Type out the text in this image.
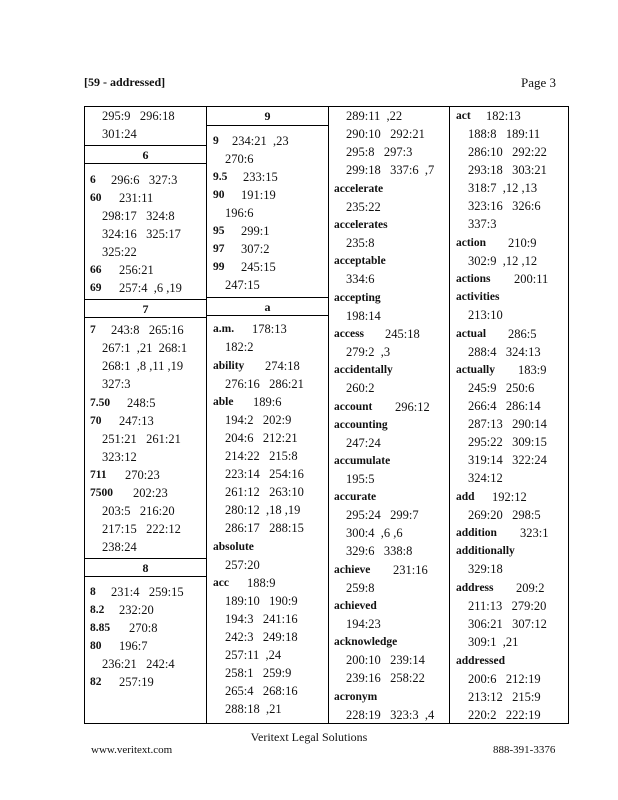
[59 - addressed]	Page 3
295:9   296:18
301:24
6
6 296:6   327:3
60 231:11
298:17   324:8
324:16   325:17
325:22
66 256:21
69 257:4  ,6 ,19
7
7 243:8   265:16
267:1  ,21  268:1
268:1  ,8 ,11 ,19
327:3
7.50 248:5
70 247:13
251:21   261:21
323:12
711 270:23
7500 202:23
203:5   216:20
217:15   222:12
238:24
8
8 231:4   259:15
8.2 232:20
8.85 270:8
80 196:7
236:21   242:4
82 257:19
9
9 234:21  ,23
270:6
9.5 233:15
90 191:19
196:6
95 299:1
97 307:2
99 245:15
247:15
a
a.m. 178:13
182:2
ability 274:18
276:16   286:21
able 189:6
194:2   202:9
204:6   212:21
214:22   215:8
223:14   254:16
261:12   263:10
280:12  ,18 ,19
286:17   288:15
absolute
257:20
acc 188:9
189:10   190:9
194:3   241:16
242:3   249:18
257:11  ,24
258:1   259:9
265:4   268:16
288:18  ,21
289:11  ,22
290:10   292:21
295:8   297:3
299:18   337:6  ,7
accelerate
235:22
accelerates
235:8
acceptable
334:6
accepting
198:14
access 245:18
279:2  ,3
accidentally
260:2
account 296:12
accounting
247:24
accumulate
195:5
accurate
295:24   299:7
300:4  ,6 ,6
329:6   338:8
achieve 231:16
259:8
achieved
194:23
acknowledge
200:10   239:14
239:16   258:22
acronym
228:19   323:3  ,4
act 182:13
188:8   189:11
286:10   292:22
293:18   303:21
318:7  ,12 ,13
323:16   326:6
337:3
action 210:9
302:9  ,12 ,12
actions 200:11
activities
213:10
actual 286:5
288:4   324:13
actually 183:9
245:9   250:6
266:4   286:14
287:13   290:14
295:22   309:15
319:14   322:24
324:12
add 192:12
269:20   298:5
addition 323:1
additionally
329:18
address 209:2
211:13   279:20
306:21   307:12
309:1  ,21
addressed
200:6   212:19
213:12   215:9
220:2   222:19
Veritext Legal Solutions
www.veritext.com	888-391-3376
